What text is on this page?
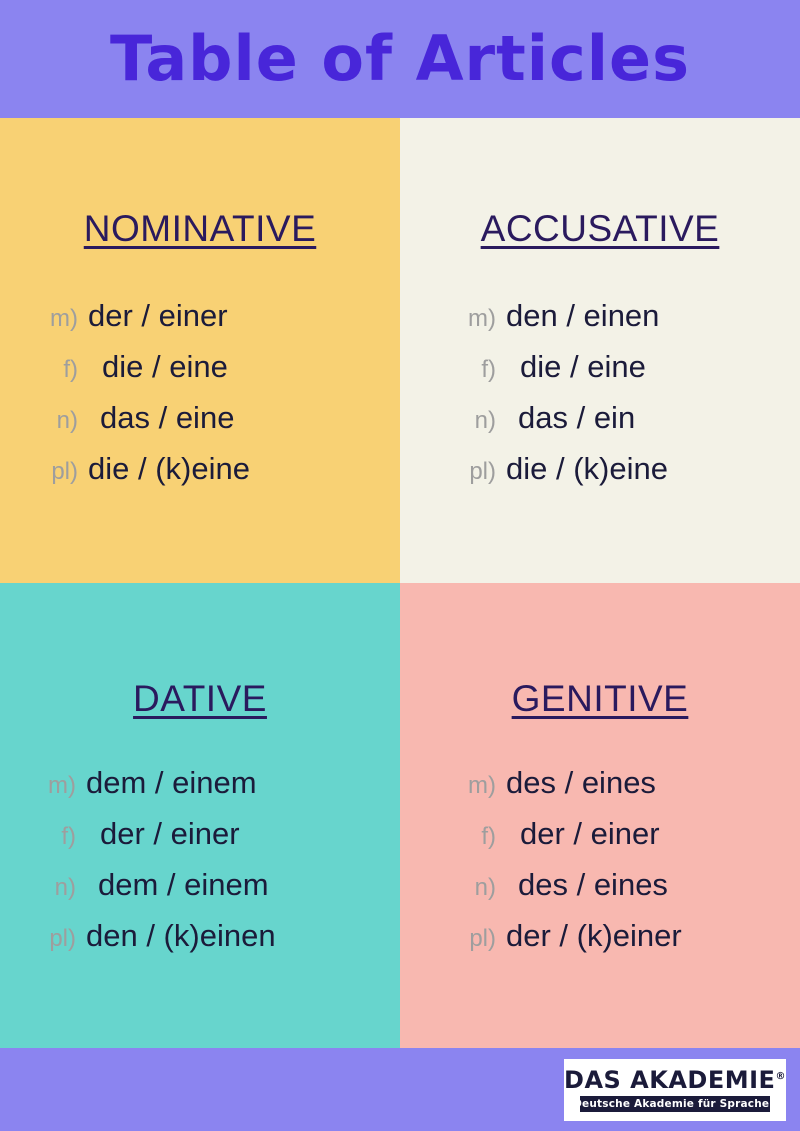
Table of Articles
NOMINATIVE
m) der / einer
f) die / eine
n) das / eine
pl) die / (k)eine
ACCUSATIVE
m) den / einen
f) die / eine
n) das / ein
pl) die / (k)eine
DATIVE
m) dem / einem
f) der / einer
n) dem / einem
pl) den / (k)einen
GENITIVE
m) des / eines
f) der / einer
n) des / eines
pl) der / (k)einer
DAS AKADEMIE®
Deutsche Akademie für Sprachen
